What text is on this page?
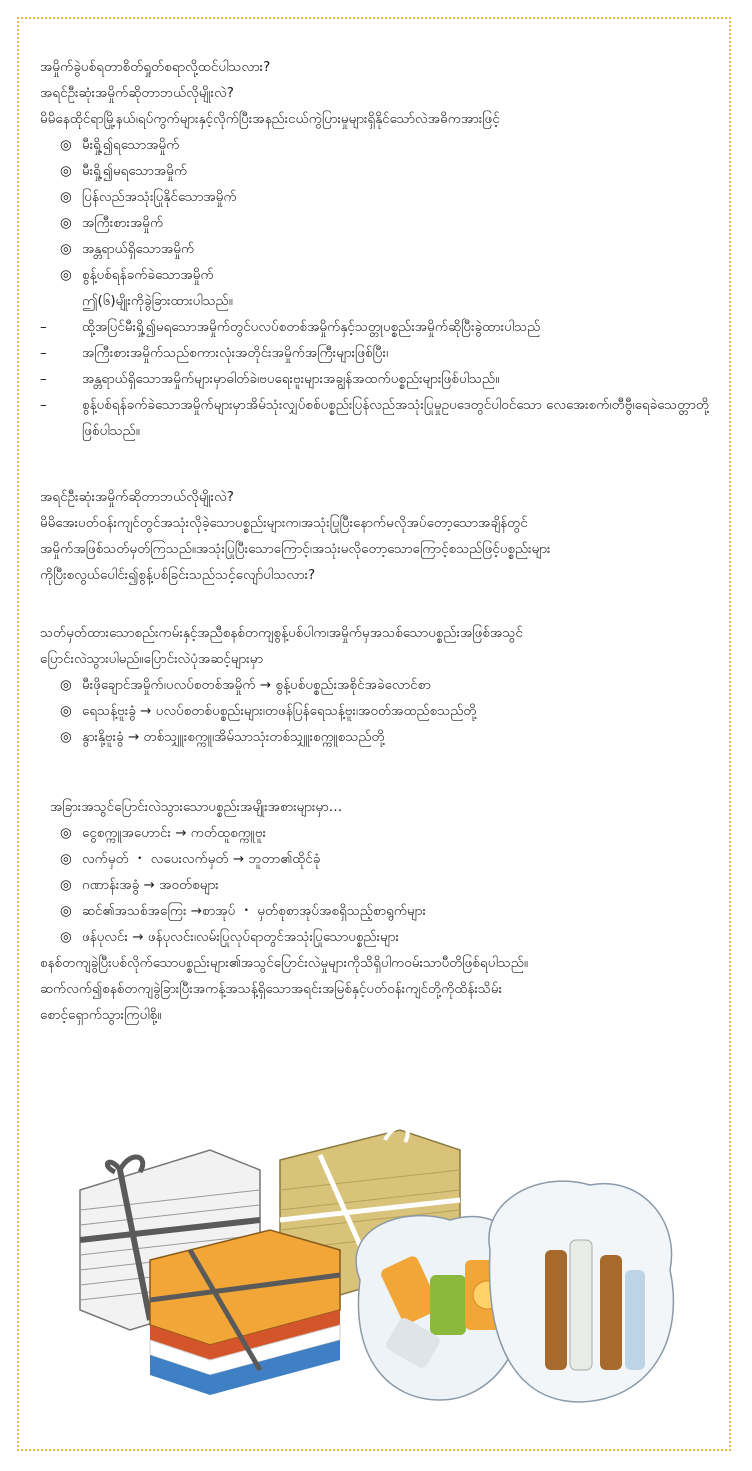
အမှိုက်ခွဲပစ်ရတာစိတ်ရှုတ်စရာလို့ထင်ပါသလား?
အရင်ဦးဆုံးအမှိုက်ဆိုတာဘယ်လိုမျိုးလဲ?
မိမိနေထိုင်ရာမြို့နယ်၊ရပ်ကွက်များနှင့်လိုက်ပြီးအနည်းငယ်ကွဲပြားမှုများရှိနိုင်သော်လဲအဓိကအားဖြင့်
◎ မီးရှို့၍ရသောအမှိုက်
◎ မီးရှို့၍မရသောအမှိုက်
◎ ပြန်လည်အသုံးပြုနိုင်သောအမှိုက်
◎ အကြီးစားအမှိုက်
◎ အန္တရာယ်ရှိသောအမှိုက်
◎ စွန့်ပစ်ရန်ခက်ခဲသောအမှိုက်
ဤ(၆)မျိုးကိုခွဲခြားထားပါသည်။
–	ထို့အပြင်မီးရှို့၍မရသောအမှိုက်တွင်ပလပ်စတစ်အမှိုက်နှင့်သတ္တုပစ္စည်းအမှိုက်ဆိုပြီးခွဲထားပါသည်
–	အကြီးစားအမှိုက်သည်စကားလုံးအတိုင်းအမှိုက်အကြီးများဖြစ်ပြီး၊
–	အန္တရာယ်ရှိသောအမှိုက်များမှာဓါတ်ခဲ၊ဗပရေးဗူးများအချွန်အထက်ပစ္စည်းများဖြစ်ပါသည်။
–	စွန့်ပစ်ရန်ခက်ခဲသောအမှိုက်များမှာအိမ်သုံးလျှပ်စစ်ပစ္စည်းပြန်လည်အသုံးပြုမှုဥပဒေတွင်ပါဝင်သော လေအေးစက်၊တီဗွီ၊ရေခဲသေတ္တာတို့ဖြစ်ပါသည်။
အရင်ဦးဆုံးအမှိုက်ဆိုတာဘယ်လိုမျိုးလဲ?
မိမိအေးပတ်ဝန်းကျင်တွင်အသုံးလိုခဲ့သောပစ္စည်းများက၊အသုံးပြုပြီးနောက်မလိုအပ်တော့သောအချိန်တွင်
အမှိုက်အဖြစ်သတ်မှတ်ကြသည်။အသုံးပြုပြီးသောကြောင့်၊အသုံးမလိုတော့သောကြောင့်စသည်ဖြင့်ပစ္စည်းများ
ကိုပြီးစလွယ်ပေါင်း၍စွန့်ပစ်ခြင်းသည်သင့်လျော်ပါသလား?
သတ်မှတ်ထားသောစည်းကမ်းနှင့်အညီစနစ်တကျစွန့်ပစ်ပါက၊အမှိုက်မှအသစ်သောပစ္စည်းအဖြစ်အသွင်
ပြောင်းလဲသွားပါမည်။ပြောင်းလဲပုံအဆင့်များမှာ
◎ မီးဖိုချောင်အမှိုက်၊ပလပ်စတစ်အမှိုက် → စွန့်ပစ်ပစ္စည်းအစိုင်အခဲလောင်စာ
◎ ရေသန့်ဗူးခွံ → ပလပ်စတစ်ပစ္စည်းများ၊တဖန်ပြန်ရေသန့်ဗူး၊အဝတ်အထည်စသည်တို့
◎ နွားနို့ဗူးခွံ → တစ်သျှူးစက္ကူ၊အိမ်သာသုံးတစ်သျှူးစက္ကူစသည်တို့
အခြားအသွင်ပြောင်းလဲသွားသောပစ္စည်းအမျိုးအစားများမှာ…
◎ ငွေစက္ကူအဟောင်း → ကတ်ထူစက္ကူဗူး
◎ လက်မှတ် ・ လပေးလက်မှတ် → ဘူတာ၏ထိုင်ခုံ
◎ ဂဏာန်းအခွံ → အဝတ်စများ
◎ ဆင်၏အသစ်အကြေး →စာအုပ် ・ မှတ်စုစာအုပ်အစရှိသည့်စာရွက်များ
◎ ဖန်ပုလင်း → ဖန်ပုလင်း၊လမ်းပြုလုပ်ရာတွင်အသုံးပြုသောပစ္စည်းများ
စနစ်တကျခွဲပြီးပစ်လိုက်သောပစ္စည်းများ၏အသွင်ပြောင်းလဲမှုများကိုသိရှိပါကဝမ်းသာပီတိဖြစ်ရပါသည်။
ဆက်လက်၍စနစ်တကျခွဲခြားပြီးအကန့်အသန့်ရှိသောအရင်းအမြစ်နှင့်ပတ်ဝန်းကျင်တို့ကိုထိန်းသိမ်း
စောင့်ရှောက်သွားကြပါစို့။
